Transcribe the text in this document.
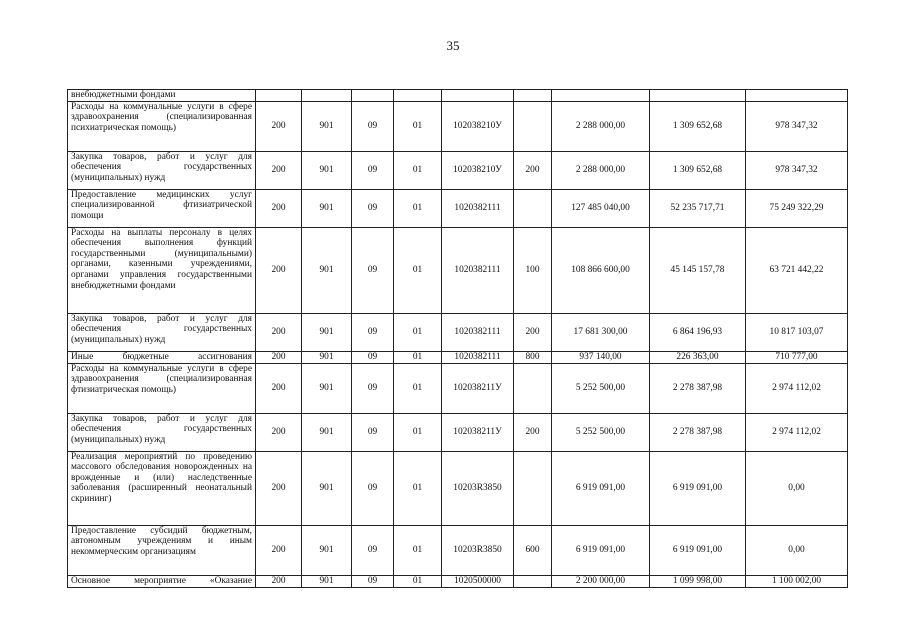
35
внебюджетными фондами									
Расходы на коммунальные услуги в сфере здравоохранения (специализированная психиатрическая помощь)	200	901	09	01	102038210У		2 288 000,00	1 309 652,68	978 347,32
Закупка товаров, работ и услуг для обеспечения государственных (муниципальных) нужд	200	901	09	01	102038210У	200	2 288 000,00	1 309 652,68	978 347,32
Предоставление медицинских услуг специализированной фтизиатрической помощи	200	901	09	01	1020382111		127 485 040,00	52 235 717,71	75 249 322,29
Расходы на выплаты персоналу в целях обеспечения выполнения функций государственными (муниципальными) органами, казенными учреждениями, органами управления государственными внебюджетными фондами	200	901	09	01	1020382111	100	108 866 600,00	45 145 157,78	63 721 442,22
Закупка товаров, работ и услуг для обеспечения государственных (муниципальных) нужд	200	901	09	01	1020382111	200	17 681 300,00	6 864 196,93	10 817 103,07
Иные бюджетные ассигнования	200	901	09	01	1020382111	800	937 140,00	226 363,00	710 777,00
Расходы на коммунальные услуги в сфере здравоохранения (специализированная фтизиатрическая помощь)	200	901	09	01	102038211У		5 252 500,00	2 278 387,98	2 974 112,02
Закупка товаров, работ и услуг для обеспечения государственных (муниципальных) нужд	200	901	09	01	102038211У	200	5 252 500,00	2 278 387,98	2 974 112,02
Реализация мероприятий по проведению массового обследования новорожденных на врожденные и (или) наследственные заболевания (расширенный неонатальный скрининг)	200	901	09	01	10203R3850		6 919 091,00	6 919 091,00	0,00
Предоставление субсидий бюджетным, автономным учреждениям и иным некоммерческим организациям	200	901	09	01	10203R3850	600	6 919 091,00	6 919 091,00	0,00
Основное мероприятие «Оказание	200	901	09	01	1020500000		2 200 000,00	1 099 998,00	1 100 002,00
